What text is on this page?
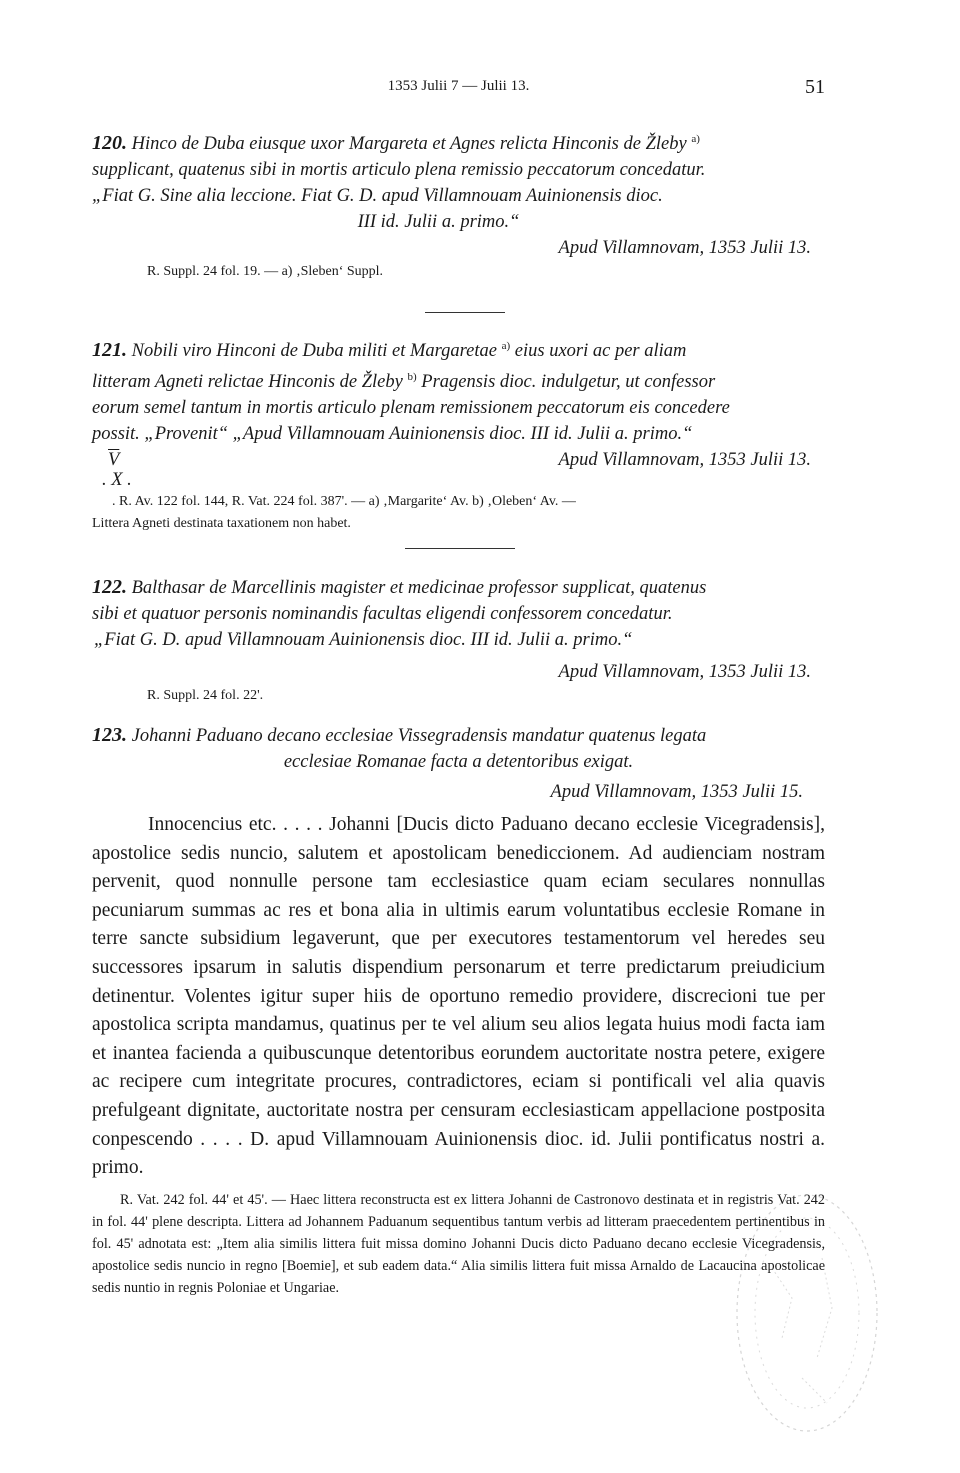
1353 Julii 7 — Julii 13.	51
120. Hinco de Duba eiusque uxor Margareta et Agnes relicta Hinconis de Žleby $^{a)}$
supplicant, quatenus sibi in mortis articulo plena remissio peccatorum concedatur.
„Fiat G. Sine alia leccione. Fiat G. D. apud Villamnouam Auinionensis dioc.
III id. Julii a. primo.“
Apud Villamnovam, 1353 Julii 13.
R. Suppl. 24 fol. 19. — a) ‚Sleben‘ Suppl.
121. Nobili viro Hinconi de Duba militi et Margaretae $^{a)}$ eius uxori ac per aliam
litteram Agneti relictae Hinconis de Žleby $^{b)}$ Pragensis dioc. indulgetur, ut confessor
eorum semel tantum in mortis articulo plenam remissionem peccatorum eis concedere
possit. „Provenit“ „Apud Villamnouam Auinionensis dioc. III id. Julii a. primo.“
$\overline{V}$	Apud Villamnovam, 1353 Julii 13.
. X .
. R. Av. 122 fol. 144, R. Vat. 224 fol. 387'. — a) ‚Margarite‘ Av. b) ‚Oleben‘ Av. —
Littera Agneti destinata taxationem non habet.
122. Balthasar de Marcellinis magister et medicinae professor supplicat, quatenus
sibi et quatuor personis nominandis facultas eligendi confessorem concedatur.
„Fiat G. D. apud Villamnouam Auinionensis dioc. III id. Julii a. primo.“
Apud Villamnovam, 1353 Julii 13.
R. Suppl. 24 fol. 22'.
123. Johanni Paduano decano ecclesiae Vissegradensis mandatur quatenus legata
ecclesiae Romanae facta a detentoribus exigat.
Apud Villamnovam, 1353 Julii 15.

Innocencius etc. . . . . Johanni [Ducis dicto Paduano decano ecclesie Vicegradensis], apostolice sedis nuncio, salutem et apostolicam benediccionem. Ad audienciam nostram pervenit, quod nonnulle persone tam ecclesiastice quam eciam seculares nonnullas pecuniarum summas ac res et bona alia in ultimis earum voluntatibus ecclesie Romane in terre sancte subsidium legaverunt, que per executores testamentorum vel heredes seu successores ipsarum in salutis dispendium personarum et terre predictarum preiudicium detinentur. Volentes igitur super hiis de oportuno remedio providere, discrecioni tue per apostolica scripta mandamus, quatinus per te vel alium seu alios legata huius modi facta iam et inantea facienda a quibuscunque detentoribus eorundem auctoritate nostra petere, exigere ac recipere cum integritate procures, contradictores, eciam si pontificali vel alia quavis prefulgeant dignitate, auctoritate nostra per censuram ecclesiasticam appellacione postposita conpescendo . . . . D. apud Villamnouam Auinionensis dioc. id. Julii pontificatus nostri a. primo.

R. Vat. 242 fol. 44' et 45'. — Haec littera reconstructa est ex littera Johanni de Castronovo destinata et in registris Vat. 242 in fol. 44' plene descripta. Littera ad Johannem Paduanum sequentibus tantum verbis ad litteram praecedentem pertinentibus in fol. 45' adnotata est: „Item alia similis littera fuit missa domino Johanni Ducis dicto Paduano decano ecclesie Vicegradensis, apostolice sedis nuncio in regno [Boemie], et sub eadem data.“ Alia similis littera fuit missa Arnaldo de Lacaucina apostolicae sedis nuntio in regnis Poloniae et Ungariae.
